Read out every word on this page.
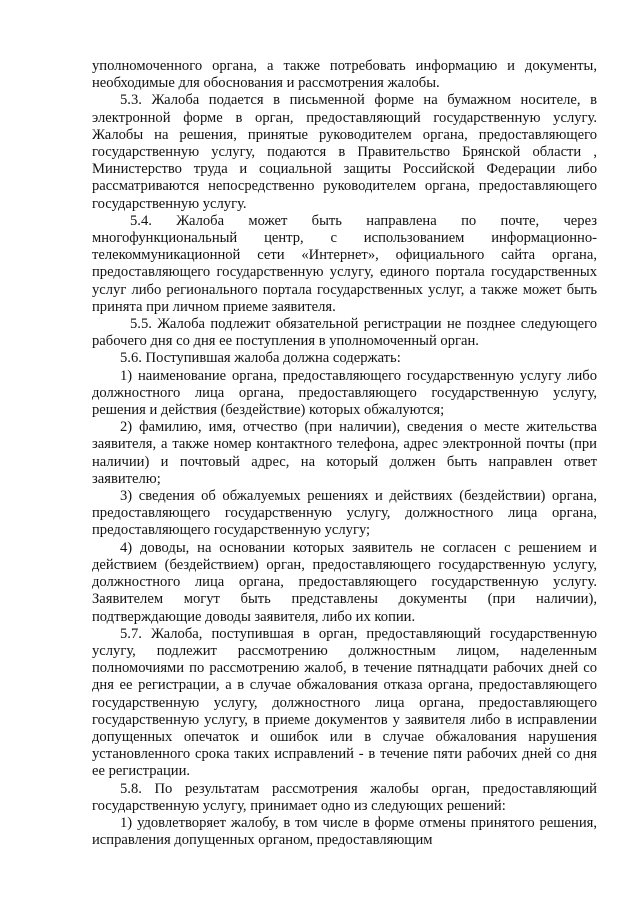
уполномоченного органа, а также потребовать информацию и документы, необходимые для обоснования и рассмотрения жалобы.

5.3. Жалоба подается в письменной форме на бумажном носителе, в электронной форме в орган, предоставляющий государственную услугу. Жалобы на решения, принятые руководителем органа, предоставляющего государственную услугу, подаются в Правительство Брянской области , Министерство труда и социальной защиты Российской Федерации либо рассматриваются непосредственно руководителем органа, предоставляющего государственную услугу.

5.4. Жалоба может быть направлена по почте, через многофункциональный центр, с использованием информационно-телекоммуникационной сети «Интернет», официального сайта органа, предоставляющего государственную услугу, единого портала государственных услуг либо регионального портала государственных услуг, а также может быть принята при личном приеме заявителя.

5.5. Жалоба подлежит обязательной регистрации не позднее следующего рабочего дня со дня ее поступления в уполномоченный орган.

5.6. Поступившая жалоба должна содержать:

1) наименование органа, предоставляющего государственную услугу либо должностного лица органа, предоставляющего государственную услугу, решения и действия (бездействие) которых обжалуются;

2) фамилию, имя, отчество (при наличии), сведения о месте жительства заявителя, а также номер контактного телефона, адрес электронной почты (при наличии) и почтовый адрес, на который должен быть направлен ответ заявителю;

3) сведения об обжалуемых решениях и действиях (бездействии) органа, предоставляющего государственную услугу, должностного лица органа, предоставляющего государственную услугу;

4) доводы, на основании которых заявитель не согласен с решением и действием (бездействием) орган, предоставляющего государственную услугу, должностного лица органа, предоставляющего государственную услугу. Заявителем могут быть представлены документы (при наличии), подтверждающие доводы заявителя, либо их копии.

5.7. Жалоба, поступившая в орган, предоставляющий государственную услугу, подлежит рассмотрению должностным лицом, наделенным полномочиями по рассмотрению жалоб, в течение пятнадцати рабочих дней со дня ее регистрации, а в случае обжалования отказа органа, предоставляющего государственную услугу, должностного лица органа, предоставляющего государственную услугу, в приеме документов у заявителя либо в исправлении допущенных опечаток и ошибок или в случае обжалования нарушения установленного срока таких исправлений - в течение пяти рабочих дней со дня ее регистрации.

5.8. По результатам рассмотрения жалобы орган, предоставляющий государственную услугу, принимает одно из следующих решений:

1) удовлетворяет жалобу, в том числе в форме отмены принятого решения, исправления допущенных органом, предоставляющим
